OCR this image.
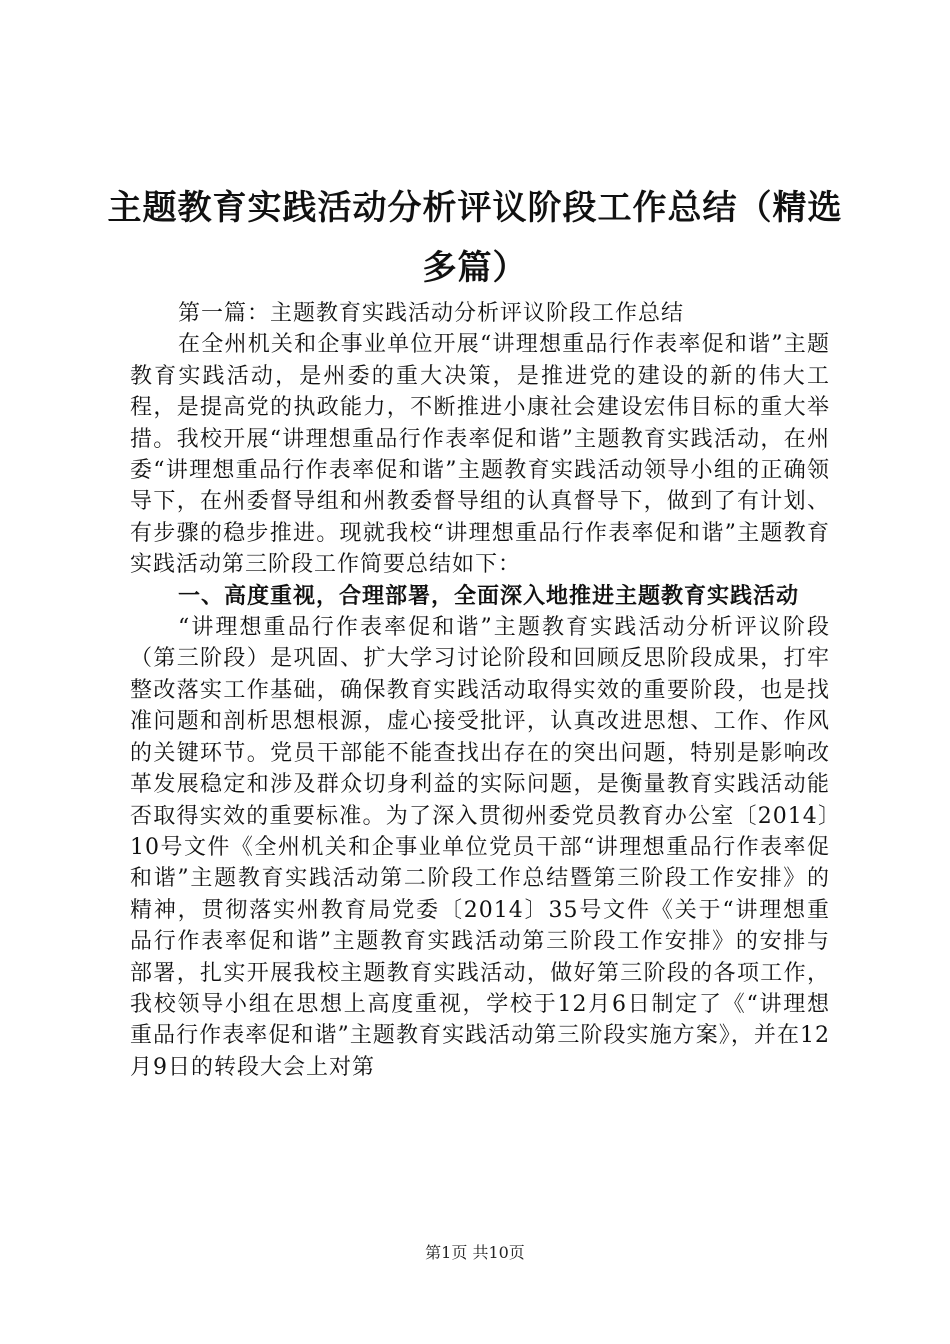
主题教育实践活动分析评议阶段工作总结（精选多篇）

第一篇：主题教育实践活动分析评议阶段工作总结

在全州机关和企事业单位开展“讲理想重品行作表率促和谐”主题教育实践活动，是州委的重大决策，是推进党的建设的新的伟大工程，是提高党的执政能力，不断推进小康社会建设宏伟目标的重大举措。我校开展“讲理想重品行作表率促和谐”主题教育实践活动，在州委“讲理想重品行作表率促和谐”主题教育实践活动领导小组的正确领导下，在州委督导组和州教委督导组的认真督导下，做到了有计划、有步骤的稳步推进。现就我校“讲理想重品行作表率促和谐”主题教育实践活动第三阶段工作简要总结如下：

一、高度重视，合理部署，全面深入地推进主题教育实践活动

“讲理想重品行作表率促和谐”主题教育实践活动分析评议阶段（第三阶段）是巩固、扩大学习讨论阶段和回顾反思阶段成果，打牢整改落实工作基础，确保教育实践活动取得实效的重要阶段，也是找准问题和剖析思想根源，虚心接受批评，认真改进思想、工作、作风的关键环节。党员干部能不能查找出存在的突出问题，特别是影响改革发展稳定和涉及群众切身利益的实际问题，是衡量教育实践活动能否取得实效的重要标准。为了深入贯彻州委党员教育办公室〔2014〕10号文件《全州机关和企事业单位党员干部“讲理想重品行作表率促和谐”主题教育实践活动第二阶段工作总结暨第三阶段工作安排》的精神，贯彻落实州教育局党委〔2014〕35号文件《关于“讲理想重品行作表率促和谐”主题教育实践活动第三阶段工作安排》的安排与部署，扎实开展我校主题教育实践活动，做好第三阶段的各项工作，我校领导小组在思想上高度重视，学校于12月6日制定了《“讲理想重品行作表率促和谐”主题教育实践活动第三阶段实施方案》，并在12月9日的转段大会上对第

第1页 共10页
